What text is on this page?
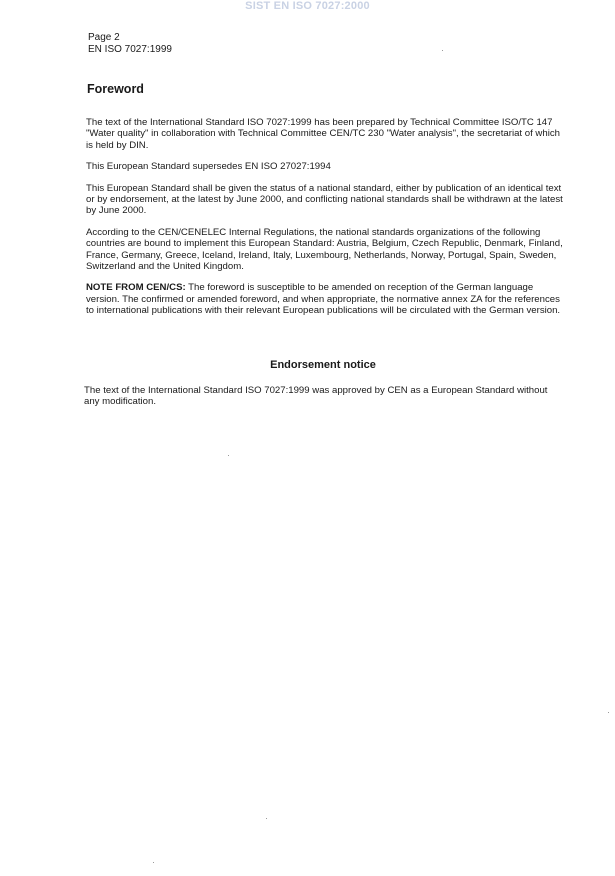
SIST EN ISO 7027:2000
Page 2
EN ISO 7027:1999
Foreword

The text of the International Standard ISO 7027:1999 has been prepared by Technical Committee ISO/TC 147 "Water quality" in collaboration with Technical Committee CEN/TC 230 "Water analysis", the secretariat of which is held by DIN.

This European Standard supersedes EN ISO 27027:1994

This European Standard shall be given the status of a national standard, either by publication of an identical text or by endorsement, at the latest by June 2000, and conflicting national standards shall be withdrawn at the latest by June 2000.

According to the CEN/CENELEC Internal Regulations, the national standards organizations of the following countries are bound to implement this European Standard: Austria, Belgium, Czech Republic, Denmark, Finland, France, Germany, Greece, Iceland, Ireland, Italy, Luxembourg, Netherlands, Norway, Portugal, Spain, Sweden, Switzerland and the United Kingdom.

NOTE FROM CEN/CS: The foreword is susceptible to be amended on reception of the German language version. The confirmed or amended foreword, and when appropriate, the normative annex ZA for the references to international publications with their relevant European publications will be circulated with the German version.

Endorsement notice

The text of the International Standard ISO 7027:1999 was approved by CEN as a European Standard without any modification.
